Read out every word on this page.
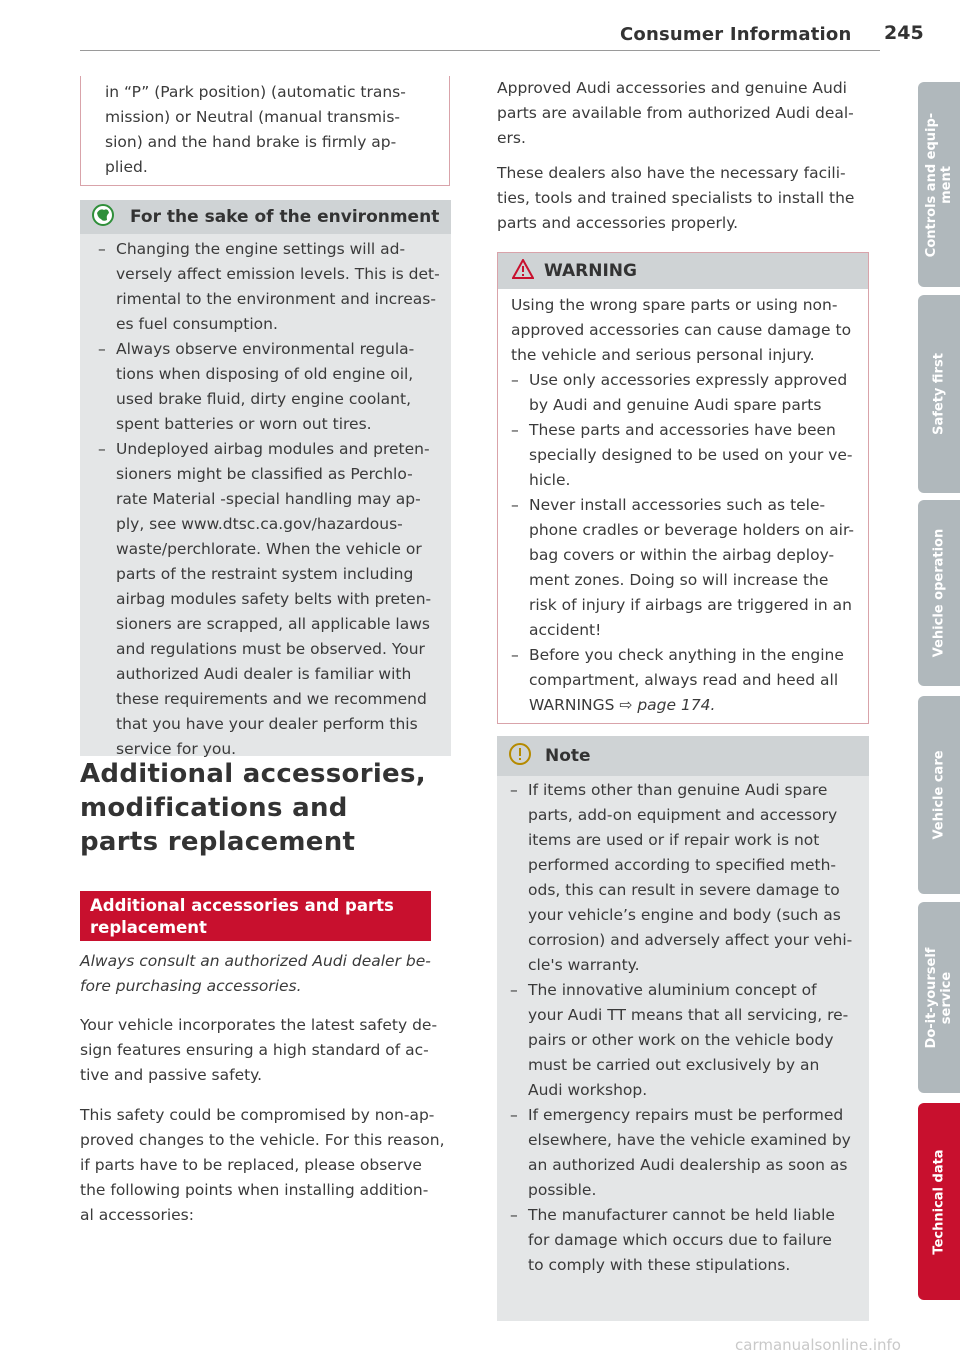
Consumer Information 245
in “P” (Park position) (automatic trans-
mission) or Neutral (manual transmis-
sion) and the hand brake is firmly ap-
plied.
For the sake of the environment
– Changing the engine settings will ad-
versely affect emission levels. This is det-
rimental to the environment and increas-
es fuel consumption.
– Always observe environmental regula-
tions when disposing of old engine oil,
used brake fluid, dirty engine coolant,
spent batteries or worn out tires.
– Undeployed airbag modules and preten-
sioners might be classified as Perchlo-
rate Material -special handling may ap-
ply, see www.dtsc.ca.gov/hazardous-
waste/perchlorate. When the vehicle or
parts of the restraint system including
airbag modules safety belts with preten-
sioners are scrapped, all applicable laws
and regulations must be observed. Your
authorized Audi dealer is familiar with
these requirements and we recommend
that you have your dealer perform this
service for you.
Additional accessories,
modifications and
parts replacement
Additional accessories and parts
replacement
Always consult an authorized Audi dealer be-
fore purchasing accessories.
Your vehicle incorporates the latest safety de-
sign features ensuring a high standard of ac-
tive and passive safety.
This safety could be compromised by non-ap-
proved changes to the vehicle. For this reason,
if parts have to be replaced, please observe
the following points when installing addition-
al accessories:
Approved Audi accessories and genuine Audi
parts are available from authorized Audi deal-
ers.
These dealers also have the necessary facili-
ties, tools and trained specialists to install the
parts and accessories properly.
WARNING
Using the wrong spare parts or using non-
approved accessories can cause damage to
the vehicle and serious personal injury.
– Use only accessories expressly approved
by Audi and genuine Audi spare parts
– These parts and accessories have been
specially designed to be used on your ve-
hicle.
– Never install accessories such as tele-
phone cradles or beverage holders on air-
bag covers or within the airbag deploy-
ment zones. Doing so will increase the
risk of injury if airbags are triggered in an
accident!
– Before you check anything in the engine
compartment, always read and heed all
WARNINGS ⇨ page 174.
Note
– If items other than genuine Audi spare
parts, add-on equipment and accessory
items are used or if repair work is not
performed according to specified meth-
ods, this can result in severe damage to
your vehicle’s engine and body (such as
corrosion) and adversely affect your vehi-
cle's warranty.
– The innovative aluminium concept of
your Audi TT means that all servicing, re-
pairs or other work on the vehicle body
must be carried out exclusively by an
Audi workshop.
– If emergency repairs must be performed
elsewhere, have the vehicle examined by
an authorized Audi dealership as soon as
possible.
– The manufacturer cannot be held liable
for damage which occurs due to failure
to comply with these stipulations.
Controls and equip-
ment
Safety first
Vehicle operation
Vehicle care
Do-it-yourself
service
Technical data
carmanualsonline.info
